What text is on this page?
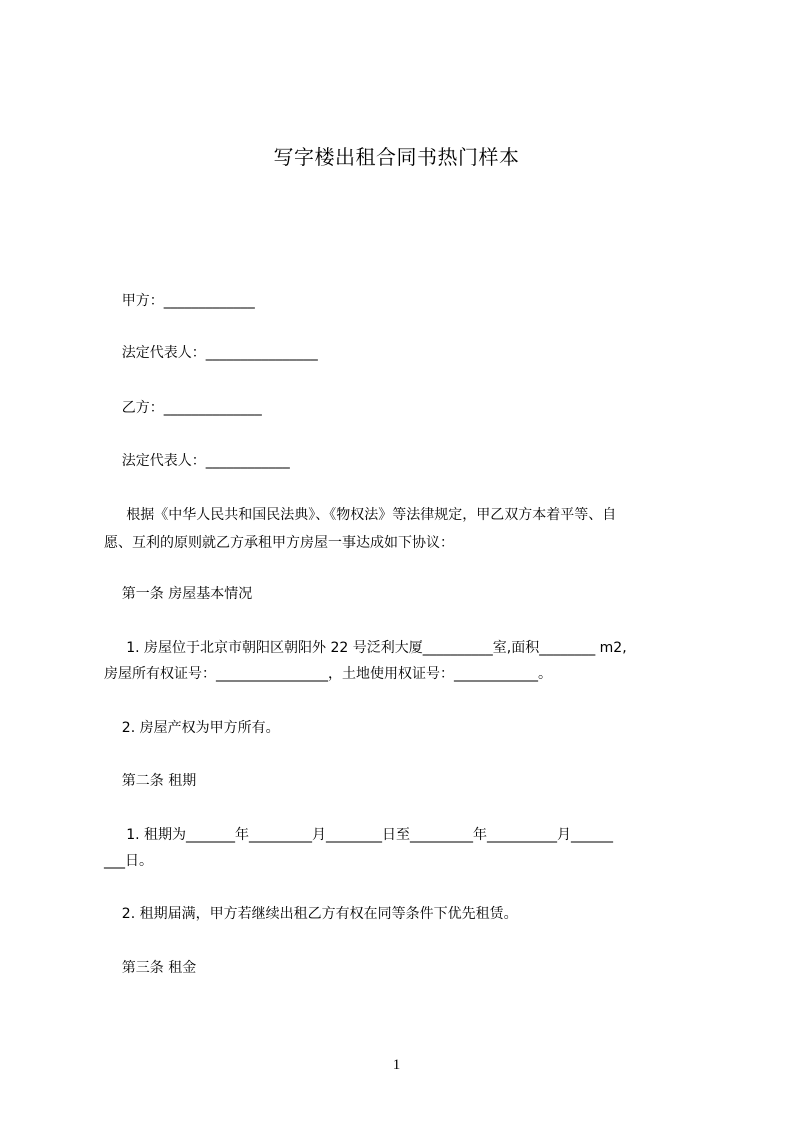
写字楼出租合同书热门样本
甲方：_____________
法定代表人：________________
乙方：______________
法定代表人：____________
根据《中华人民共和国民法典》、《物权法》等法律规定，甲乙双方本着平等、自
愿、互利的原则就乙方承租甲方房屋一事达成如下协议：
第一条 房屋基本情况
1. 房屋位于北京市朝阳区朝阳外 22 号泛利大厦__________室,面积________ m2,
房屋所有权证号：________________，土地使用权证号：____________。
2. 房屋产权为甲方所有。
第二条 租期
1. 租期为_______年_________月________日至_________年__________月______
___日。
2. 租期届满，甲方若继续出租乙方有权在同等条件下优先租赁。
第三条 租金
1
